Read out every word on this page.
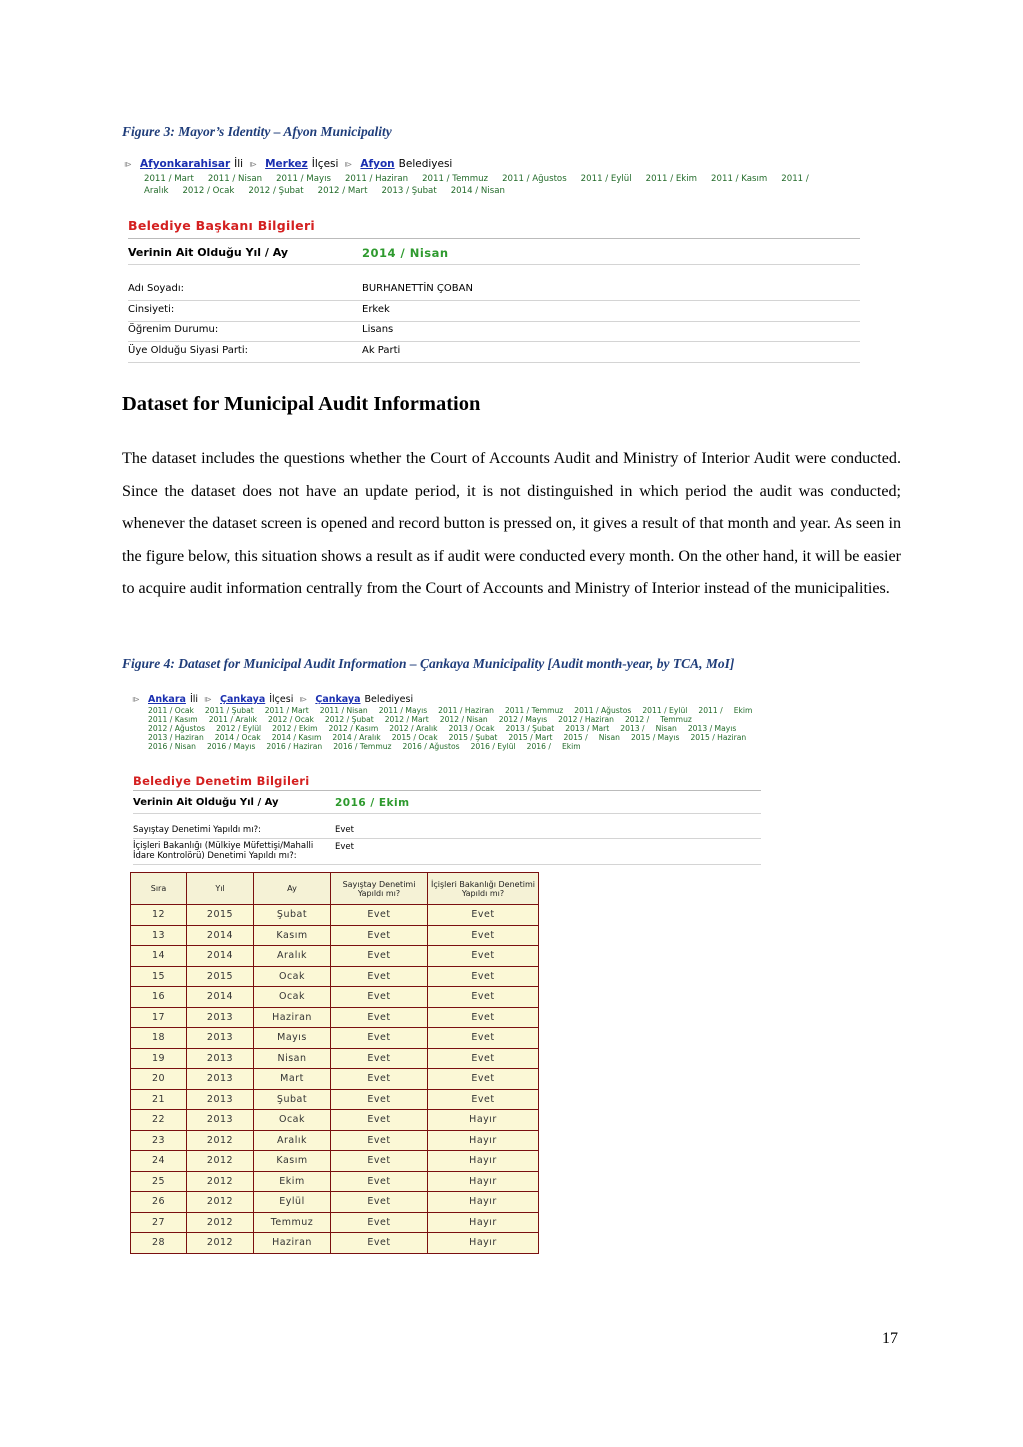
Figure 3: Mayor’s Identity – Afyon Municipality
⧐ Afyonkarahisar İli ⧐ Merkez İlçesi ⧐ Afyon Belediyesi
2011 / Mart 2011 / Nisan 2011 / Mayıs 2011 / Haziran 2011 / Temmuz 2011 / Ağustos 2011 / Eylül 2011 / Ekim 2011 / Kasım 2011 /Aralık 2012 / Ocak 2012 / Şubat 2012 / Mart 2013 / Şubat 2014 / Nisan
Belediye Başkanı Bilgileri
Verinin Ait Olduğu Yıl / Ay	2014 / Nisan
Adı Soyadı:	BURHANETTİN ÇOBAN
Cinsiyeti:	Erkek
Öğrenim Durumu:	Lisans
Üye Olduğu Siyasi Parti:	Ak Parti
Dataset for Municipal Audit Information
The dataset includes the questions whether the Court of Accounts Audit and Ministry of Interior Audit were conducted. Since the dataset does not have an update period, it is not distinguished in which period the audit was conducted; whenever the dataset screen is opened and record button is pressed on, it gives a result of that month and year. As seen in the figure below, this situation shows a result as if audit were conducted every month. On the other hand, it will be easier to acquire audit information centrally from the Court of Accounts and Ministry of Interior instead of the municipalities.
Figure 4: Dataset for Municipal Audit Information – Çankaya Municipality [Audit month-year, by TCA, MoI]
⧐ Ankara İli ⧐ Çankaya İlçesi ⧐ Çankaya Belediyesi
2011 / Ocak 2011 / Şubat 2011 / Mart 2011 / Nisan 2011 / Mayıs 2011 / Haziran 2011 / Temmuz 2011 / Ağustos 2011 / Eylül 2011 / Ekim2011 / Kasım 2011 / Aralık 2012 / Ocak 2012 / Şubat 2012 / Mart 2012 / Nisan 2012 / Mayıs 2012 / Haziran 2012 / Temmuz2012 / Ağustos 2012 / Eylül 2012 / Ekim 2012 / Kasım 2012 / Aralık 2013 / Ocak 2013 / Şubat 2013 / Mart 2013 / Nisan 2013 / Mayıs2013 / Haziran 2014 / Ocak 2014 / Kasım 2014 / Aralık 2015 / Ocak 2015 / Şubat 2015 / Mart 2015 / Nisan 2015 / Mayıs 2015 / Haziran2016 / Nisan 2016 / Mayıs 2016 / Haziran 2016 / Temmuz 2016 / Ağustos 2016 / Eylül 2016 / Ekim
Belediye Denetim Bilgileri
Verinin Ait Olduğu Yıl / Ay	2016 / Ekim
Sayıştay Denetimi Yapıldı mı?:	Evet
İçişleri Bakanlığı (Mülkiye Müfettişi/Mahalli İdare Kontrolörü) Denetimi Yapıldı mı?:
Evet
Sıra	Yıl	Ay	Sayıştay Denetimi Yapıldı mı?	İçişleri Bakanlığı Denetimi Yapıldı mı?	
12	2015	Şubat	Evet	Evet	
13	2014	Kasım	Evet	Evet	
14	2014	Aralık	Evet	Evet	
15	2015	Ocak	Evet	Evet	
16	2014	Ocak	Evet	Evet	
17	2013	Haziran	Evet	Evet	
18	2013	Mayıs	Evet	Evet	
19	2013	Nisan	Evet	Evet	
20	2013	Mart	Evet	Evet	
21	2013	Şubat	Evet	Evet	
22	2013	Ocak	Evet	Hayır	
23	2012	Aralık	Evet	Hayır	
24	2012	Kasım	Evet	Hayır	
25	2012	Ekim	Evet	Hayır	
26	2012	Eylül	Evet	Hayır	
27	2012	Temmuz	Evet	Hayır	
28	2012	Haziran	Evet	Hayır	
17
